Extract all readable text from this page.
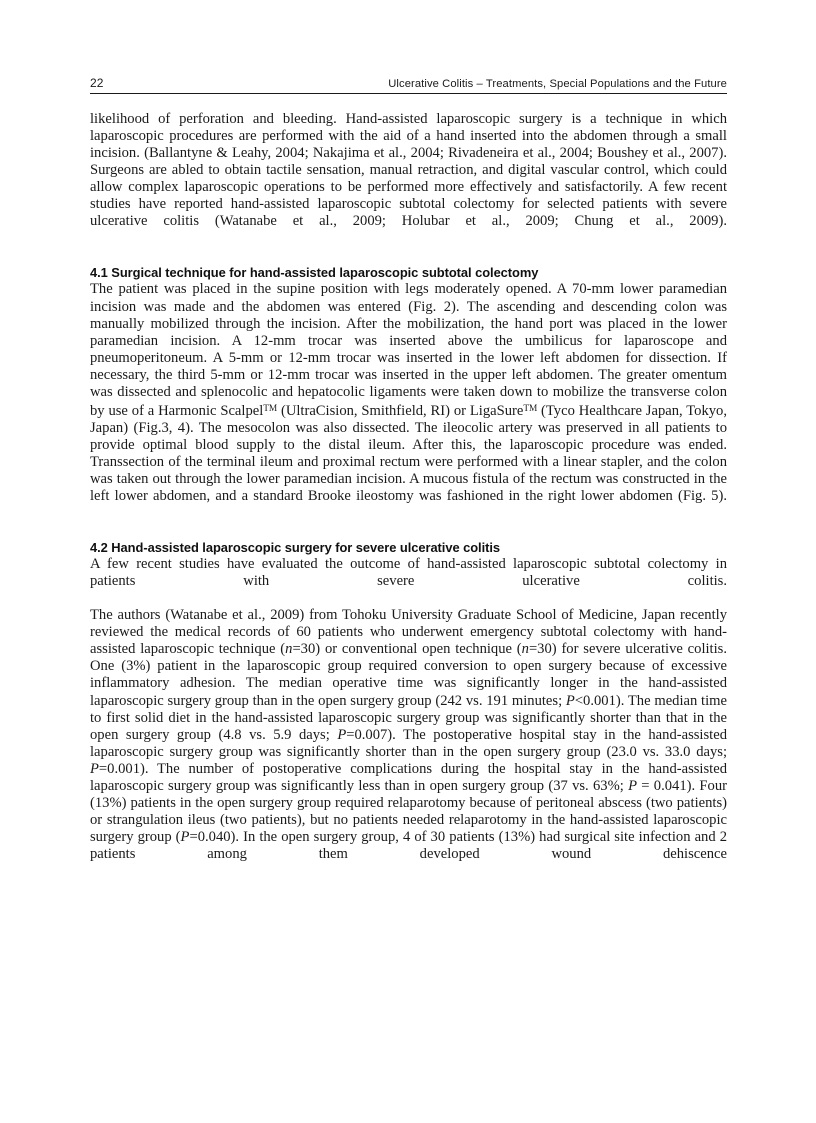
22	Ulcerative Colitis – Treatments, Special Populations and the Future

likelihood of perforation and bleeding. Hand-assisted laparoscopic surgery is a technique in which laparoscopic procedures are performed with the aid of a hand inserted into the abdomen through a small incision. (Ballantyne & Leahy, 2004; Nakajima et al., 2004; Rivadeneira et al., 2004; Boushey et al., 2007). Surgeons are abled to obtain tactile sensation, manual retraction, and digital vascular control, which could allow complex laparoscopic operations to be performed more effectively and satisfactorily. A few recent studies have reported hand-assisted laparoscopic subtotal colectomy for selected patients with severe ulcerative colitis (Watanabe et al., 2009; Holubar et al., 2009; Chung et al., 2009).

4.1 Surgical technique for hand-assisted laparoscopic subtotal colectomy

The patient was placed in the supine position with legs moderately opened. A 70-mm lower paramedian incision was made and the abdomen was entered (Fig. 2). The ascending and descending colon was manually mobilized through the incision. After the mobilization, the hand port was placed in the lower paramedian incision. A 12-mm trocar was inserted above the umbilicus for laparoscope and pneumoperitoneum. A 5-mm or 12-mm trocar was inserted in the lower left abdomen for dissection. If necessary, the third 5-mm or 12-mm trocar was inserted in the upper left abdomen. The greater omentum was dissected and splenocolic and hepatocolic ligaments were taken down to mobilize the transverse colon by use of a Harmonic Scalpel™ (UltraCision, Smithfield, RI) or LigaSure™ (Tyco Healthcare Japan, Tokyo, Japan) (Fig.3, 4). The mesocolon was also dissected. The ileocolic artery was preserved in all patients to provide optimal blood supply to the distal ileum. After this, the laparoscopic procedure was ended. Transsection of the terminal ileum and proximal rectum were performed with a linear stapler, and the colon was taken out through the lower paramedian incision. A mucous fistula of the rectum was constructed in the left lower abdomen, and a standard Brooke ileostomy was fashioned in the right lower abdomen (Fig. 5).

4.2 Hand-assisted laparoscopic surgery for severe ulcerative colitis

A few recent studies have evaluated the outcome of hand-assisted laparoscopic subtotal colectomy in patients with severe ulcerative colitis.

The authors (Watanabe et al., 2009) from Tohoku University Graduate School of Medicine, Japan recently reviewed the medical records of 60 patients who underwent emergency subtotal colectomy with hand-assisted laparoscopic technique (n=30) or conventional open technique (n=30) for severe ulcerative colitis. One (3%) patient in the laparoscopic group required conversion to open surgery because of excessive inflammatory adhesion. The median operative time was significantly longer in the hand-assisted laparoscopic surgery group than in the open surgery group (242 vs. 191 minutes; P<0.001). The median time to first solid diet in the hand-assisted laparoscopic surgery group was significantly shorter than that in the open surgery group (4.8 vs. 5.9 days; P=0.007). The postoperative hospital stay in the hand-assisted laparoscopic surgery group was significantly shorter than in the open surgery group (23.0 vs. 33.0 days; P=0.001). The number of postoperative complications during the hospital stay in the hand-assisted laparoscopic surgery group was significantly less than in open surgery group (37 vs. 63%; P = 0.041). Four (13%) patients in the open surgery group required relaparotomy because of peritoneal abscess (two patients) or strangulation ileus (two patients), but no patients needed relaparotomy in the hand-assisted laparoscopic surgery group (P=0.040). In the open surgery group, 4 of 30 patients (13%) had surgical site infection and 2 patients among them developed wound dehiscence
